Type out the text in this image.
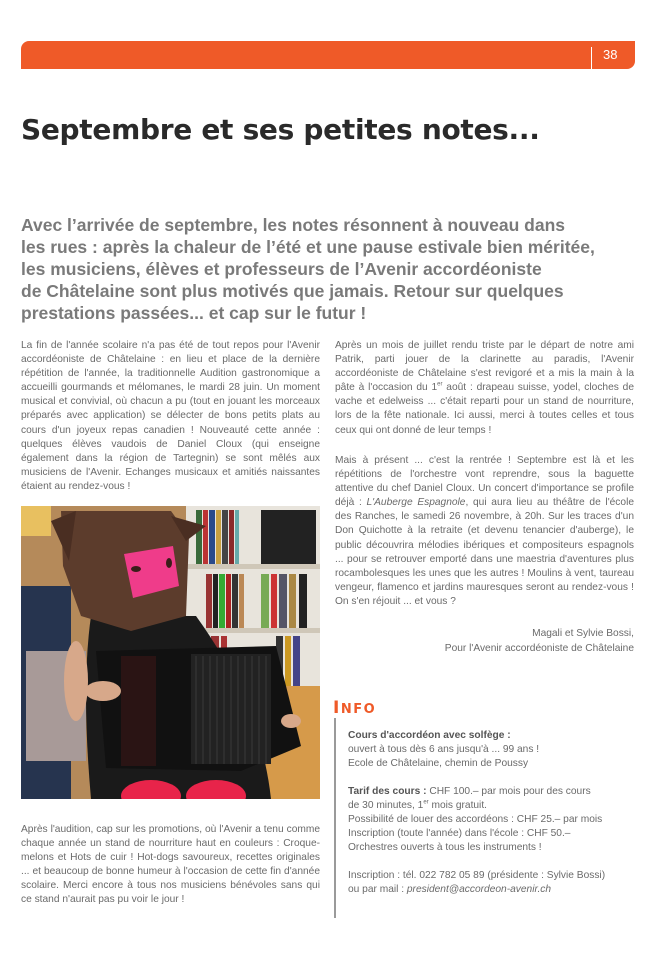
38
Septembre et ses petites notes...
Avec l’arrivée de septembre, les notes résonnent à nouveau dans
les rues : après la chaleur de l’été et une pause estivale bien méritée,
les musiciens, élèves et professeurs de l’Avenir accordéoniste
de Châtelaine sont plus motivés que jamais. Retour sur quelques
prestations passées... et cap sur le futur !

La fin de l'année scolaire n'a pas été de tout repos pour l'Avenir accordéoniste de Châtelaine : en lieu et place de la dernière répétition de l'année, la traditionnelle Audition gastronomique a accueilli gourmands et mélomanes, le mardi 28 juin. Un moment musical et convivial, où chacun a pu (tout en jouant les morceaux préparés avec application) se délecter de bons petits plats au cours d'un joyeux repas canadien ! Nouveauté cette année : quelques élèves vaudois de Daniel Cloux (qui enseigne également dans la région de Tartegnin) se sont mêlés aux musiciens de l'Avenir. Echanges musicaux et amitiés naissantes étaient au rendez-vous !

Après l'audition, cap sur les promotions, où l'Avenir a tenu comme chaque année un stand de nourriture haut en couleurs : Croque-melons et Hots de cuir ! Hot-dogs savoureux, recettes originales ... et beaucoup de bonne humeur à l'occasion de cette fin d'année scolaire. Merci encore à tous nos musiciens bénévoles sans qui ce stand n'aurait pas pu voir le jour !

Après un mois de juillet rendu triste par le départ de notre ami Patrik, parti jouer de la clarinette au paradis, l'Avenir accordéoniste de Châtelaine s'est revigoré et a mis la main à la pâte à l'occasion du 1er août : drapeau suisse, yodel, cloches de vache et edelweiss ... c'était reparti pour un stand de nourriture, lors de la fête nationale. Ici aussi, merci à toutes celles et tous ceux qui ont donné de leur temps !

Mais à présent ... c'est la rentrée ! Septembre est là et les répétitions de l'orchestre vont reprendre, sous la baguette attentive du chef Daniel Cloux. Un concert d'importance se profile déjà : L'Auberge Espagnole, qui aura lieu au théâtre de l'école des Ranches, le samedi 26 novembre, à 20h. Sur les traces d'un Don Quichotte à la retraite (et devenu tenancier d'auberge), le public découvrira mélodies ibériques et compositeurs espagnols ... pour se retrouver emporté dans une maestria d'aventures plus rocambolesques les unes que les autres ! Moulins à vent, taureau vengeur, flamenco et jardins mauresques seront au rendez-vous ! On s'en réjouit ... et vous ?

Magali et Sylvie Bossi,
Pour l'Avenir accordéoniste de Châtelaine
INFO
Cours d'accordéon avec solfège :
ouvert à tous dès 6 ans jusqu'à ... 99 ans !
Ecole de Châtelaine, chemin de Poussy
Tarif des cours : CHF 100.– par mois pour des cours
de 30 minutes, 1er mois gratuit.
Possibilité de louer des accordéons : CHF 25.– par mois
Inscription (toute l'année) dans l'école : CHF 50.–
Orchestres ouverts à tous les instruments !
Inscription : tél. 022 782 05 89 (présidente : Sylvie Bossi)
ou par mail : president@accordeon-avenir.ch
